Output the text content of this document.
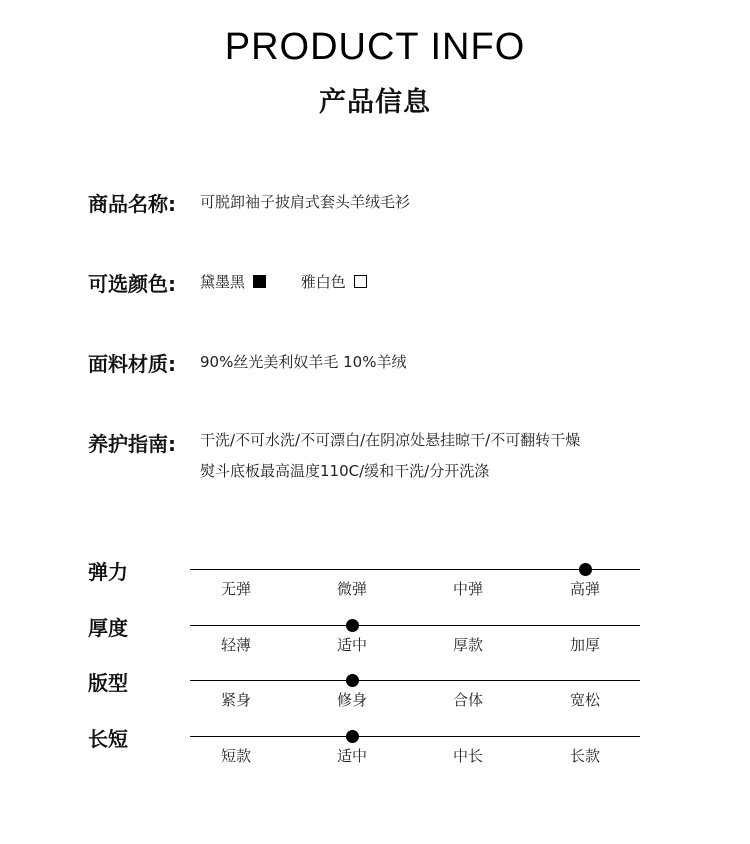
PRODUCT INFO
产品信息
商品名称: 可脱卸袖子披肩式套头羊绒毛衫
可选颜色: 黛墨黑	雅白色
面料材质: 90%丝光美利奴羊毛 10%羊绒
养护指南: 干洗/不可水洗/不可漂白/在阴凉处悬挂晾干/不可翻转干燥
熨斗底板最高温度110C/缓和干洗/分开洗涤
弹力
无弹	微弹	中弹	高弹
厚度
轻薄	适中	厚款	加厚
版型
紧身	修身	合体	宽松
长短
短款	适中	中长	长款
